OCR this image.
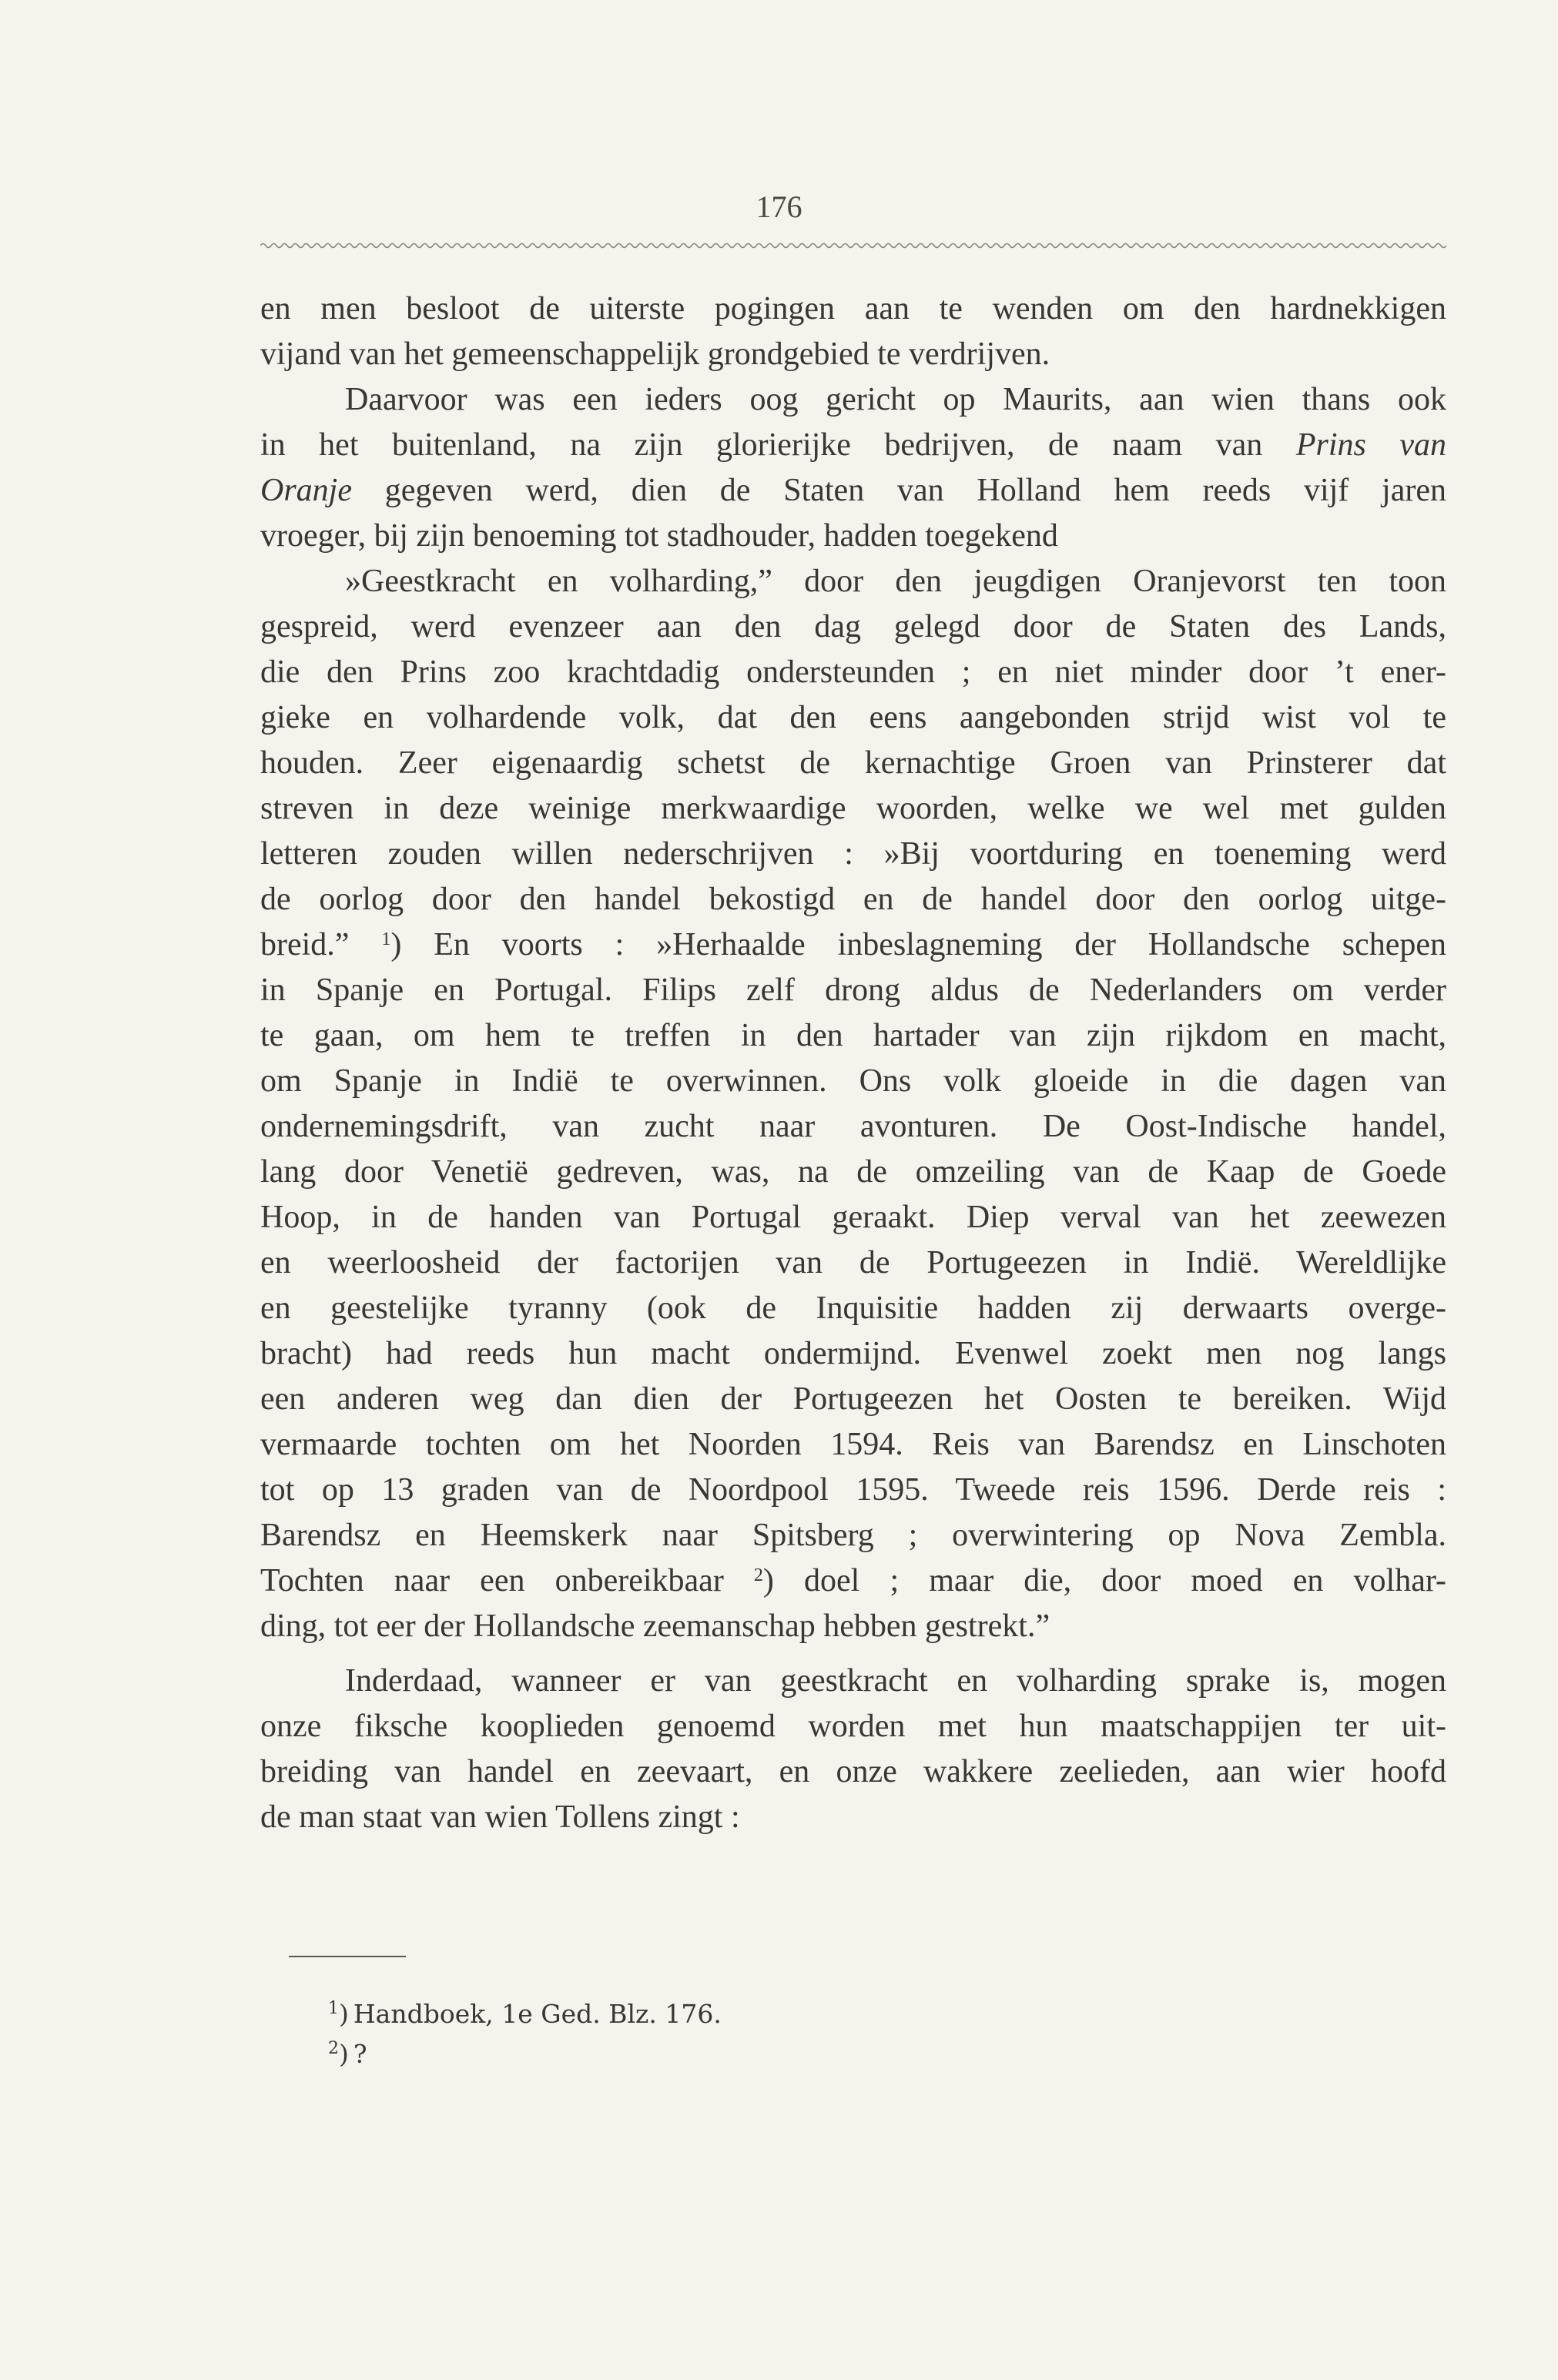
176
en men besloot de uiterste pogingen aan te wenden om den hardnekkigen
vijand van het gemeenschappelijk grondgebied te verdrijven.
Daarvoor was een ieders oog gericht op Maurits, aan wien thans ook
in het buitenland, na zijn glorierijke bedrijven, de naam van Prins van
Oranje gegeven werd, dien de Staten van Holland hem reeds vijf jaren
vroeger, bij zijn benoeming tot stadhouder, hadden toegekend
»Geestkracht en volharding,” door den jeugdigen Oranjevorst ten toon
gespreid, werd evenzeer aan den dag gelegd door de Staten des Lands,
die den Prins zoo krachtdadig ondersteunden ; en niet minder door ’t ener-
gieke en volhardende volk, dat den eens aangebonden strijd wist vol te
houden. Zeer eigenaardig schetst de kernachtige Groen van Prinsterer dat
streven in deze weinige merkwaardige woorden, welke we wel met gulden
letteren zouden willen nederschrijven : »Bij voortduring en toeneming werd
de oorlog door den handel bekostigd en de handel door den oorlog uitge-
breid.” $^1$) En voorts : »Herhaalde inbeslagneming der Hollandsche schepen
in Spanje en Portugal. Filips zelf drong aldus de Nederlanders om verder
te gaan, om hem te treffen in den hartader van zijn rijkdom en macht,
om Spanje in Indië te overwinnen. Ons volk gloeide in die dagen van
ondernemingsdrift, van zucht naar avonturen. De Oost-Indische handel,
lang door Venetië gedreven, was, na de omzeiling van de Kaap de Goede
Hoop, in de handen van Portugal geraakt. Diep verval van het zeewezen
en weerloosheid der factorijen van de Portugeezen in Indië. Wereldlijke
en geestelijke tyranny (ook de Inquisitie hadden zij derwaarts overge-
bracht) had reeds hun macht ondermijnd. Evenwel zoekt men nog langs
een anderen weg dan dien der Portugeezen het Oosten te bereiken. Wijd
vermaarde tochten om het Noorden 1594. Reis van Barendsz en Linschoten
tot op 13 graden van de Noordpool 1595. Tweede reis 1596. Derde reis :
Barendsz en Heemskerk naar Spitsberg ; overwintering op Nova Zembla.
Tochten naar een onbereikbaar $^2$) doel ; maar die, door moed en volhar-
ding, tot eer der Hollandsche zeemanschap hebben gestrekt.”
Inderdaad, wanneer er van geestkracht en volharding sprake is, mogen
onze fiksche kooplieden genoemd worden met hun maatschappijen ter uit-
breiding van handel en zeevaart, en onze wakkere zeelieden, aan wier hoofd
de man staat van wien Tollens zingt :
$^1$) Handboek, 1e Ged. Blz. 176.
$^2$) ?
